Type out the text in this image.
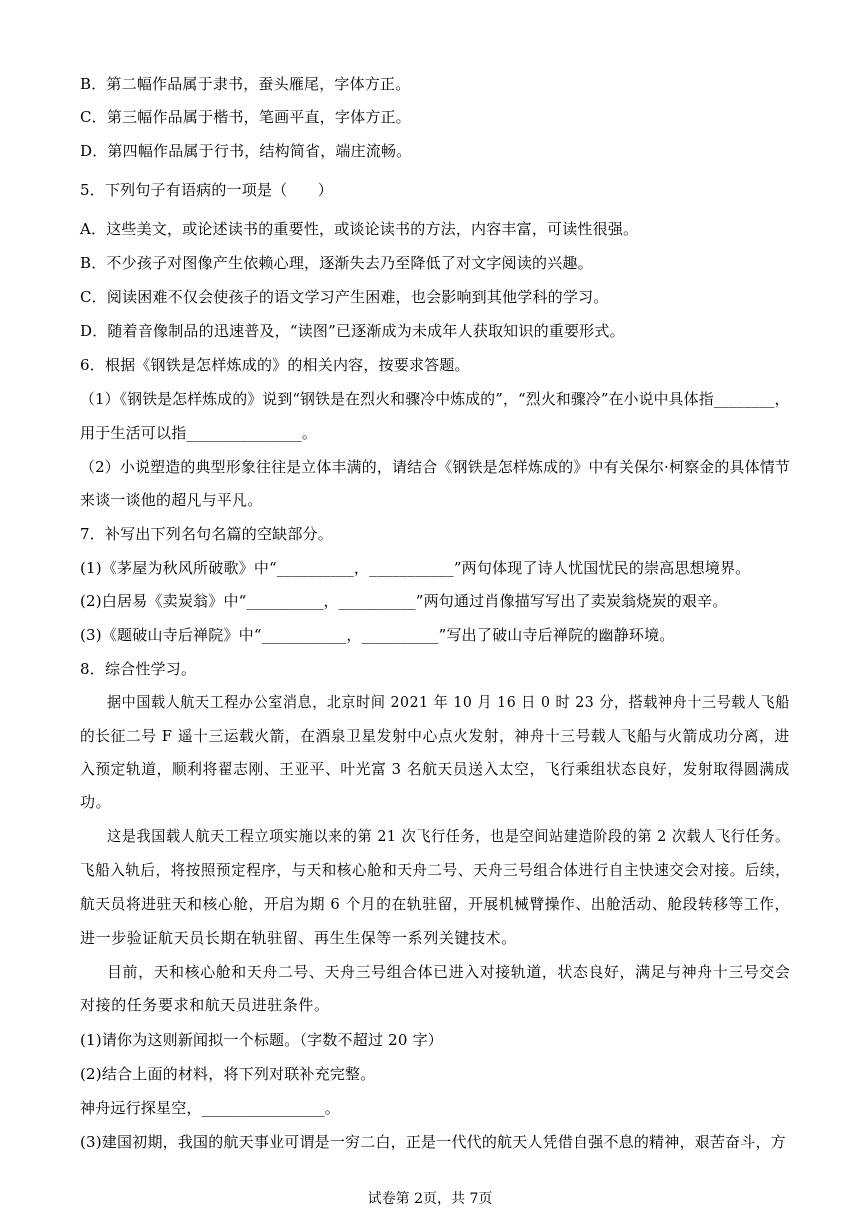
B．第二幅作品属于隶书，蚕头雁尾，字体方正。
C．第三幅作品属于楷书，笔画平直，字体方正。
D．第四幅作品属于行书，结构简省，端庄流畅。
5．下列句子有语病的一项是（　　）
A．这些美文，或论述读书的重要性，或谈论读书的方法，内容丰富，可读性很强。
B．不少孩子对图像产生依赖心理，逐渐失去乃至降低了对文字阅读的兴趣。
C．阅读困难不仅会使孩子的语文学习产生困难，也会影响到其他学科的学习。
D．随着音像制品的迅速普及，“读图”已逐渐成为未成年人获取知识的重要形式。
6．根据《钢铁是怎样炼成的》的相关内容，按要求答题。
（1）《钢铁是怎样炼成的》说到“钢铁是在烈火和骤冷中炼成的”，“烈火和骤冷”在小说中具体指________，
用于生活可以指_______________。
（2）小说塑造的典型形象往往是立体丰满的，请结合《钢铁是怎样炼成的》中有关保尔·柯察金的具体情节
来谈一谈他的超凡与平凡。
7．补写出下列名句名篇的空缺部分。
(1)《茅屋为秋风所破歌》中“__________，___________”两句体现了诗人忧国忧民的崇高思想境界。
(2)白居易《卖炭翁》中“__________，__________”两句通过肖像描写写出了卖炭翁烧炭的艰辛。
(3)《题破山寺后禅院》中“___________，__________”写出了破山寺后禅院的幽静环境。
8．综合性学习。
据中国载人航天工程办公室消息，北京时间 2021 年 10 月 16 日 0 时 23 分，搭载神舟十三号载人飞船
的长征二号 F 遥十三运载火箭，在酒泉卫星发射中心点火发射，神舟十三号载人飞船与火箭成功分离，进
入预定轨道，顺利将翟志刚、王亚平、叶光富 3 名航天员送入太空，飞行乘组状态良好，发射取得圆满成
功。
这是我国载人航天工程立项实施以来的第 21 次飞行任务，也是空间站建造阶段的第 2 次载人飞行任务。
飞船入轨后，将按照预定程序，与天和核心舱和天舟二号、天舟三号组合体进行自主快速交会对接。后续，
航天员将进驻天和核心舱，开启为期 6 个月的在轨驻留，开展机械臂操作、出舱活动、舱段转移等工作，
进一步验证航天员长期在轨驻留、再生生保等一系列关键技术。
目前，天和核心舱和天舟二号、天舟三号组合体已进入对接轨道，状态良好，满足与神舟十三号交会
对接的任务要求和航天员进驻条件。
(1)请你为这则新闻拟一个标题。（字数不超过 20 字）
(2)结合上面的材料，将下列对联补充完整。
神舟远行探星空，________________。
(3)建国初期，我国的航天事业可谓是一穷二白，正是一代代的航天人凭借自强不息的精神，艰苦奋斗，方
试卷第 2页，共 7页
